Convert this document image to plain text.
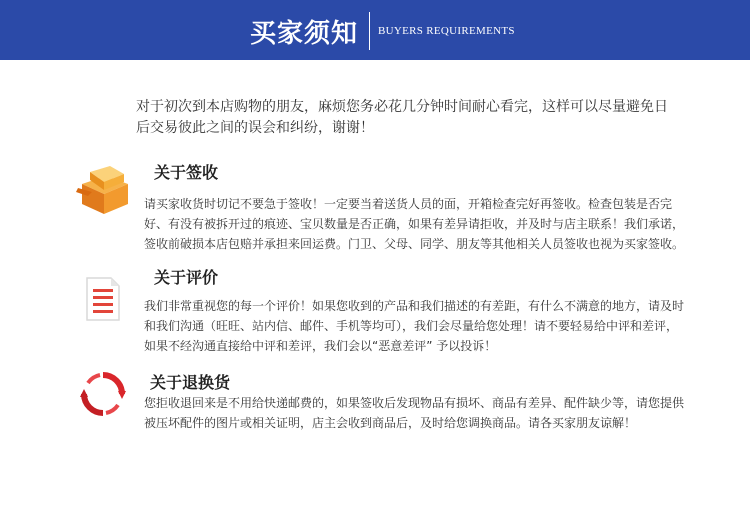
买家须知 BUYERS REQUIREMENTS
对于初次到本店购物的朋友，麻烦您务必花几分钟时间耐心看完，这样可以尽量避免日后交易彼此之间的误会和纠纷，谢谢！
关于签收
请买家收货时切记不要急于签收！一定要当着送货人员的面，开箱检查完好再签收。检查包装是否完好、有没有被拆开过的痕迹、宝贝数量是否正确，如果有差异请拒收，并及时与店主联系！我们承诺，签收前破损本店包赔并承担来回运费。门卫、父母、同学、朋友等其他相关人员签收也视为买家签收。
关于评价
我们非常重视您的每一个评价！如果您收到的产品和我们描述的有差距，有什么不满意的地方，请及时和我们沟通（旺旺、站内信、邮件、手机等均可），我们会尽量给您处理！请不要轻易给中评和差评，如果不经沟通直接给中评和差评，我们会以“恶意差评” 予以投诉！
关于退换货
您拒收退回来是不用给快递邮费的，如果签收后发现物品有损坏、商品有差异、配件缺少等，请您提供被压坏配件的图片或相关证明，店主会收到商品后，及时给您调换商品。请各买家朋友谅解！
